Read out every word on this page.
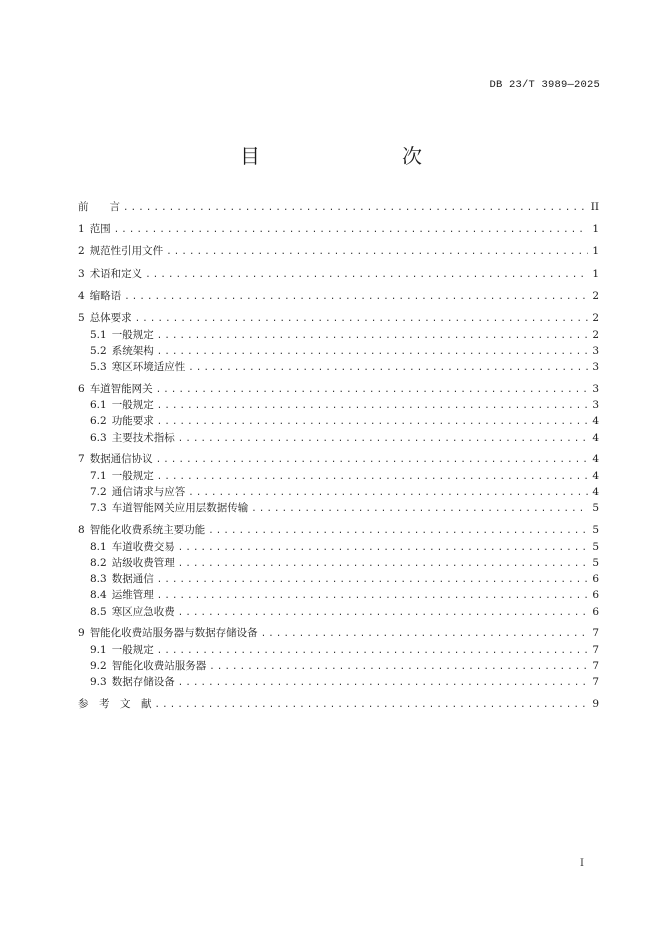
DB 23/T 3989—2025
目　　次
前　　言 .....	II
1 范围 .....	1
2 规范性引用文件 .....	1
3 术语和定义 .....	1
4 缩略语 .....	2
5 总体要求 .....	2
5.1 一般规定 .....	2
5.2 系统架构 .....	3
5.3 寒区环境适应性 .....	3
6 车道智能网关 .....	3
6.1 一般规定 .....	3
6.2 功能要求 .....	4
6.3 主要技术指标 .....	4
7 数据通信协议 .....	4
7.1 一般规定 .....	4
7.2 通信请求与应答 .....	4
7.3 车道智能网关应用层数据传输 .....	5
8 智能化收费系统主要功能 .....	5
8.1 车道收费交易 .....	5
8.2 站级收费管理 .....	5
8.3 数据通信 .....	6
8.4 运维管理 .....	6
8.5 寒区应急收费 .....	6
9 智能化收费站服务器与数据存储设备 .....	7
9.1 一般规定 .....	7
9.2 智能化收费站服务器 .....	7
9.3 数据存储设备 .....	7
参　考　文　献 .....	9
I
